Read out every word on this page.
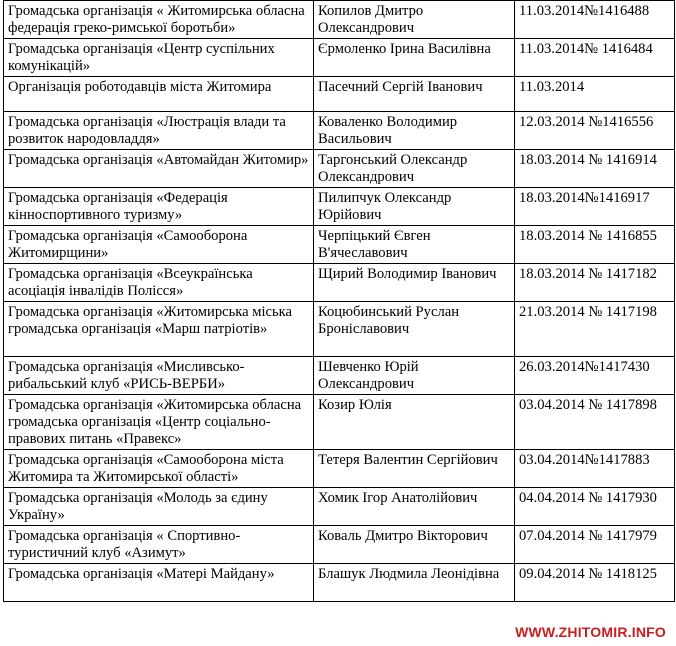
Громадська організація « Житомирська обласна федерація греко-римської боротьби»	Копилов Дмитро Олександрович	11.03.2014№1416488
Громадська організація «Центр суспільних комунікацій»	Єрмоленко Ірина Василівна	11.03.2014№ 1416484
Організація роботодавців міста Житомира	Пасечний Сергій Іванович	11.03.2014
Громадська організація «Люстрація влади та розвиток народовладдя»	Коваленко Володимир Васильович	12.03.2014 №1416556
Громадська організація «Автомайдан Житомир»	Таргонський Олександр Олександрович	18.03.2014 № 1416914
Громадська організація «Федерація кінноспортивного туризму»	Пилипчук Олександр Юрійович	18.03.2014№1416917
Громадська організація «Самооборона Житомирщини»	Черпіцький Євген В'ячеславович	18.03.2014 № 1416855
Громадська організація «Всеукраїнська асоціація інвалідів Полісся»	Щирий Володимир Іванович	18.03.2014 № 1417182
Громадська організація «Житомирська міська громадська організація «Марш патріотів»	Коцюбинський Руслан Броніславович	21.03.2014 № 1417198
Громадська організація «Мисливсько-рибальський клуб «РИСЬ-ВЕРБИ»	Шевченко Юрій Олександрович	26.03.2014№1417430
Громадська організація «Житомирська обласна громадська організація «Центр соціально-правових питань «Правекс»	Козир Юлія	03.04.2014 № 1417898
Громадська організація «Самооборона міста Житомира та Житомирської області»	Тетеря Валентин Сергійович	03.04.2014№1417883
Громадська організація «Молодь за єдину Україну»	Хомик Ігор Анатолійович	04.04.2014 № 1417930
Громадська організація « Спортивно-туристичний клуб «Азимут»	Коваль Дмитро Вікторович	07.04.2014 № 1417979
Громадська організація «Матері Майдану»	Блашук Людмила Леонідівна	09.04.2014 № 1418125
WWW.ZHITOMIR.INFO
